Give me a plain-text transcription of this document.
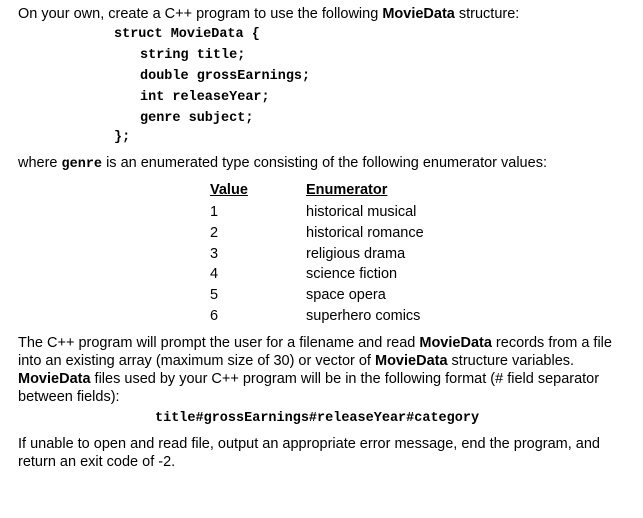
On your own, create a C++ program to use the following MovieData structure:
struct MovieData {
string title;
double grossEarnings;
int releaseYear;
genre subject;
};
where genre is an enumerated type consisting of the following enumerator values:
Value	Enumerator
1	historical musical
2	historical romance
3	religious drama
4	science fiction
5	space opera
6	superhero comics
The C++ program will prompt the user for a filename and read MovieData records from a file into an existing array (maximum size of 30) or vector of MovieData structure variables. MovieData files used by your C++ program will be in the following format (# field separator between fields):
title#grossEarnings#releaseYear#category
If unable to open and read file, output an appropriate error message, end the program, and return an exit code of -2.
